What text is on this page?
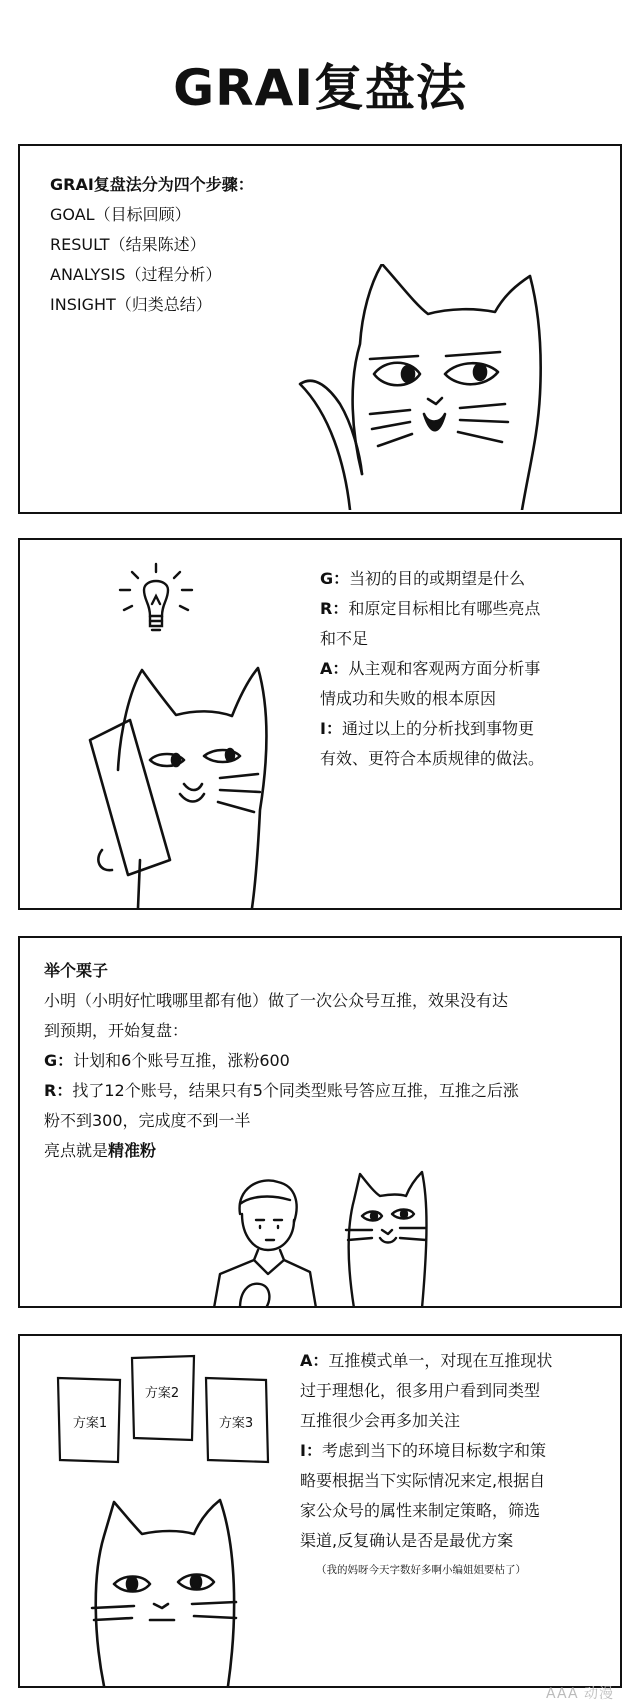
GRAI复盘法
GRAI复盘法分为四个步骤：
GOAL（目标回顾）
RESULT（结果陈述）
ANALYSIS（过程分析）
INSIGHT（归类总结）
G：当初的目的或期望是什么
R：和原定目标相比有哪些亮点
和不足
A：从主观和客观两方面分析事
情成功和失败的根本原因
I：通过以上的分析找到事物更
有效、更符合本质规律的做法。
举个栗子
小明（小明好忙哦哪里都有他）做了一次公众号互推，效果没有达
到预期，开始复盘：
G：计划和6个账号互推，涨粉600
R：找了12个账号，结果只有5个同类型账号答应互推，互推之后涨
粉不到300，完成度不到一半
亮点就是精准粉
方案1
方案2
方案3
A：互推模式单一，对现在互推现状
过于理想化，很多用户看到同类型
互推很少会再多加关注
I：考虑到当下的环境目标数字和策
略要根据当下实际情况来定,根据自
家公众号的属性来制定策略，筛选
渠道,反复确认是否是最优方案
（我的妈呀今天字数好多啊小编姐姐要枯了）
AAA 动漫
